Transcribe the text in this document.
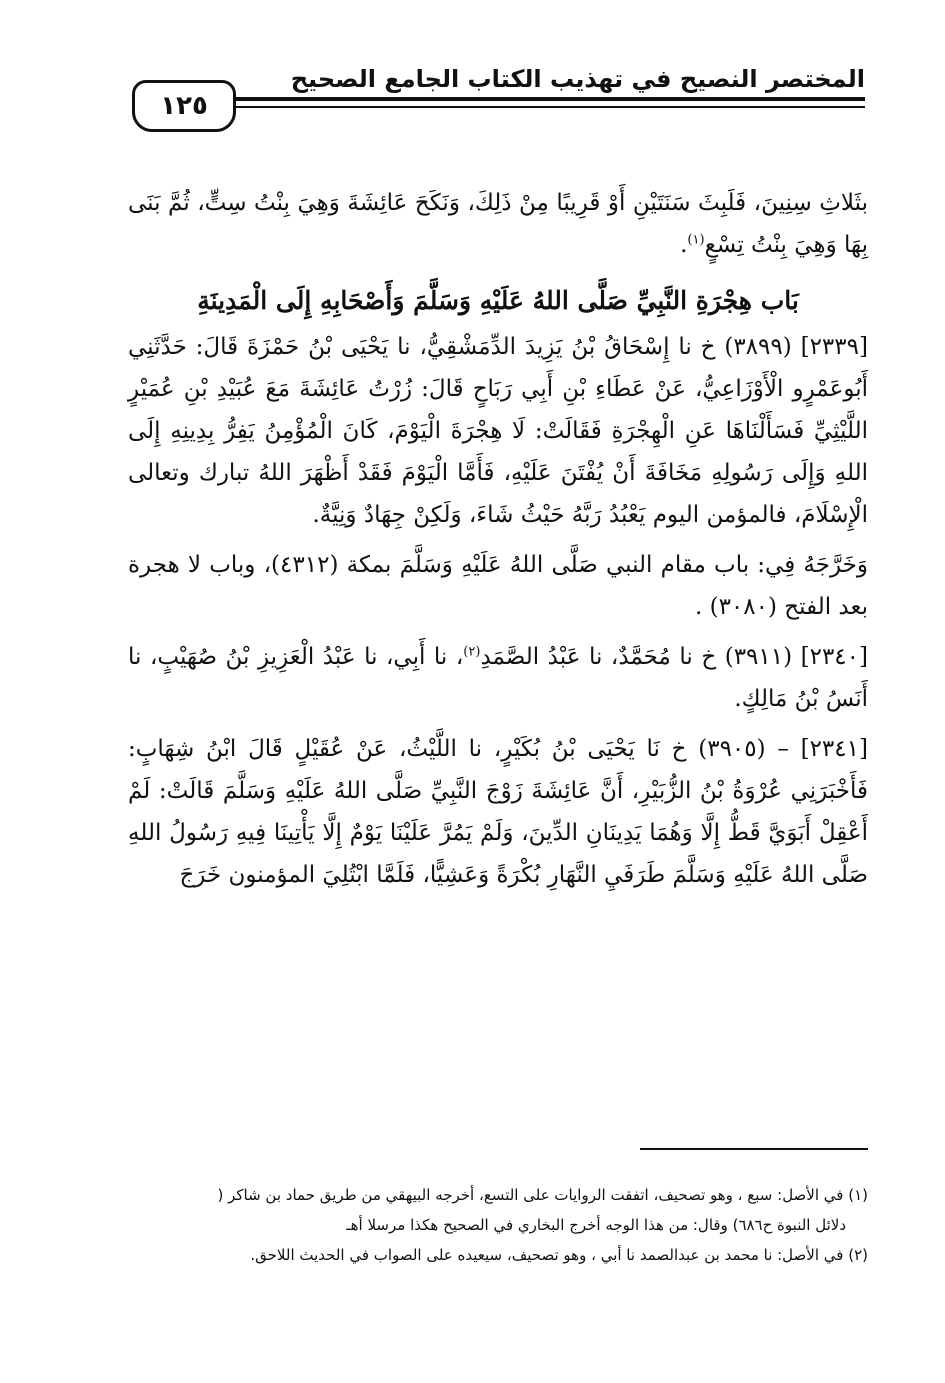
المختصر النصيح في تهذيب الكتاب الجامع الصحيح
١٢٥

بثَلاثِ سِنِينَ، فَلَبِثَ سَنَتَيْنِ أَوْ قَرِيبًا مِنْ ذَلِكَ، وَنَكَحَ عَائِشَةَ وَهِيَ بِنْتُ سِتٍّ، ثُمَّ بَنَى بِهَا وَهِيَ بِنْتُ تِسْعٍ$^{(١)}$.

بَاب هِجْرَةِ النَّبِيِّ صَلَّى اللهُ عَلَيْهِ وَسَلَّمَ وَأَصْحَابِهِ إِلَى الْمَدِينَةِ

[٢٣٣٩] (٣٨٩٩) خ نا إِسْحَاقُ بْنُ يَزِيدَ الدِّمَشْقِيُّ، نا يَحْيَى بْنُ حَمْزَةَ قَالَ: حَدَّثَنِي أَبُوعَمْرٍو الْأَوْزَاعِيُّ، عَنْ عَطَاءِ بْنِ أَبِي رَبَاحٍ قَالَ: زُرْتُ عَائِشَةَ مَعَ عُبَيْدِ بْنِ عُمَيْرٍ اللَّيْثِيِّ فَسَأَلْنَاهَا عَنِ الْهِجْرَةِ فَقَالَتْ: لَا هِجْرَةَ الْيَوْمَ، كَانَ الْمُؤْمِنُ يَفِرُّ بِدِينِهِ إِلَى اللهِ وَإِلَى رَسُولِهِ مَخَافَةَ أَنْ يُفْتَنَ عَلَيْهِ، فَأَمَّا الْيَوْمَ فَقَدْ أَظْهَرَ اللهُ تبارك وتعالى الْإِسْلَامَ، فالمؤمن اليوم يَعْبُدُ رَبَّهُ حَيْثُ شَاءَ، وَلَكِنْ جِهَادٌ وَنِيَّةٌ.

وَخَرَّجَهُ فِي: باب مقام النبي صَلَّى اللهُ عَلَيْهِ وَسَلَّمَ بمكة (٤٣١٢)، وباب لا هجرة بعد الفتح (٣٠٨٠) .

[٢٣٤٠] (٣٩١١) خ نا مُحَمَّدٌ، نا عَبْدُ الصَّمَدِ$^{(٢)}$، نا أَبِي، نا عَبْدُ الْعَزِيزِ بْنُ صُهَيْبٍ، نا أَنَسُ بْنُ مَالِكٍ.

[٢٣٤١] – (٣٩٠٥) خ نَا يَحْيَى بْنُ بُكَيْرٍ، نا اللَّيْثُ، عَنْ عُقَيْلٍ قَالَ ابْنُ شِهَابٍ: فَأَخْبَرَنِي عُرْوَةُ بْنُ الزُّبَيْرِ، أَنَّ عَائِشَةَ زَوْجَ النَّبِيِّ صَلَّى اللهُ عَلَيْهِ وَسَلَّمَ قَالَتْ: لَمْ أَعْقِلْ أَبَوَيَّ قَطُّ إِلَّا وَهُمَا يَدِينَانِ الدِّينَ، وَلَمْ يَمُرَّ عَلَيْنَا يَوْمٌ إِلَّا يَأْتِينَا فِيهِ رَسُولُ اللهِ صَلَّى اللهُ عَلَيْهِ وَسَلَّمَ طَرَفَيِ النَّهَارِ بُكْرَةً وَعَشِيًّا، فَلَمَّا ابْتُلِيَ المؤمنون خَرَجَ

(١) في الأصل: سبع ، وهو تصحيف، اتفقت الروايات على التسع، أخرجه البيهقي من طريق حماد بن شاكر (

دلائل النبوة ح٦٨٦) وقال: من هذا الوجه أخرج البخاري في الصحيح هكذا مرسلا أهـ

(٢) في الأصل: نا محمد بن عبدالصمد نا أبي ، وهو تصحيف، سيعيده على الصواب في الحديث اللاحق.
